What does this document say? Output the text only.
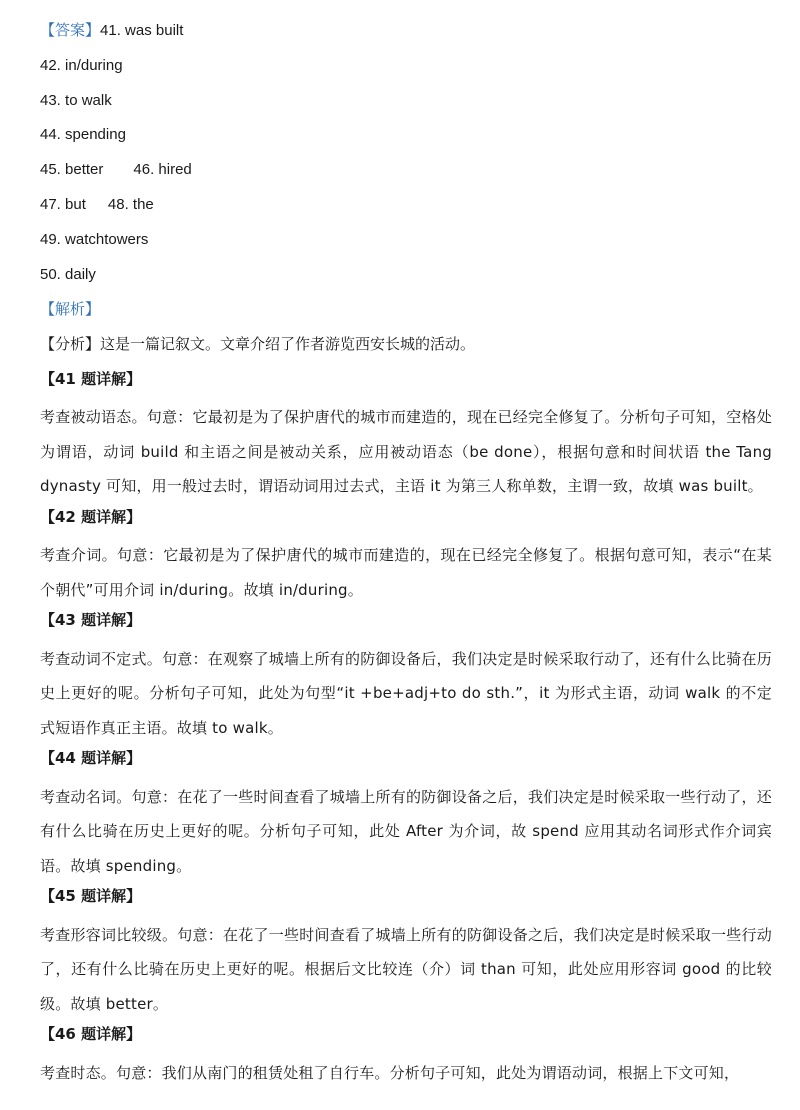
【答案】41. was built
42. in/during
43. to walk
44. spending
45. better 46. hired
47. but 48. the
49. watchtowers
50. daily
【解析】
【分析】这是一篇记叙文。文章介绍了作者游览西安长城的活动。
【41 题详解】

考查被动语态。句意：它最初是为了保护唐代的城市而建造的，现在已经完全修复了。分析句子可知，空格处为谓语，动词 build 和主语之间是被动关系，应用被动语态（be done），根据句意和时间状语 the Tang dynasty 可知，用一般过去时，谓语动词用过去式，主语 it 为第三人称单数，主谓一致，故填 was built。

【42 题详解】

考查介词。句意：它最初是为了保护唐代的城市而建造的，现在已经完全修复了。根据句意可知，表示“在某个朝代”可用介词 in/during。故填 in/during。

【43 题详解】

考查动词不定式。句意：在观察了城墙上所有的防御设备后，我们决定是时候采取行动了，还有什么比骑在历史上更好的呢。分析句子可知，此处为句型“it +be+adj+to do sth.”，it 为形式主语，动词 walk 的不定式短语作真正主语。故填 to walk。

【44 题详解】

考查动名词。句意：在花了一些时间查看了城墙上所有的防御设备之后，我们决定是时候采取一些行动了，还有什么比骑在历史上更好的呢。分析句子可知，此处 After 为介词，故 spend 应用其动名词形式作介词宾语。故填 spending。

【45 题详解】

考查形容词比较级。句意：在花了一些时间查看了城墙上所有的防御设备之后，我们决定是时候采取一些行动了，还有什么比骑在历史上更好的呢。根据后文比较连（介）词 than 可知，此处应用形容词 good 的比较级。故填 better。

【46 题详解】

考查时态。句意：我们从南门的租赁处租了自行车。分析句子可知，此处为谓语动词，根据上下文可知，
